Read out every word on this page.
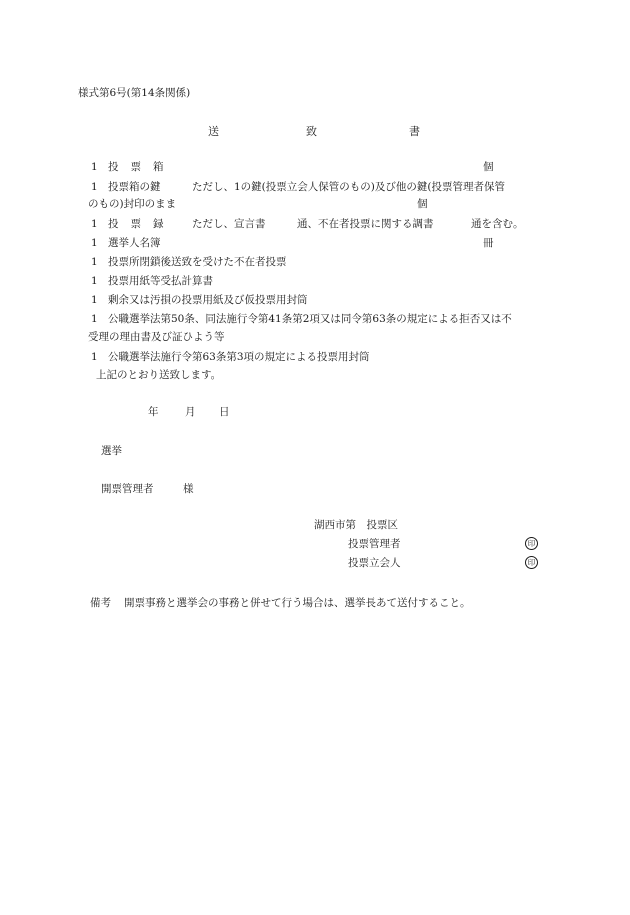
様式第6号(第14条関係)
送	致	書
1 投票箱	個
1 投票箱の鍵	ただし、1の鍵(投票立会人保管のもの)及び他の鍵(投票管理者保管
のもの)封印のまま	個
1 投票録 ただし、宣言書	通、不在者投票に関する調書	通を含む。
1 選挙人名簿	冊
1 投票所閉鎖後送致を受けた不在者投票
1 投票用紙等受払計算書
1 剰余又は汚損の投票用紙及び仮投票用封筒
1 公職選挙法第50条、同法施行令第41条第2項又は同令第63条の規定による拒否又は不
受理の理由書及び証ひよう等
1 公職選挙法施行令第63条第3項の規定による投票用封筒
上記のとおり送致します。
年	月 日
選挙
開票管理者	様
湖西市第　投票区
投票管理者	印
投票立会人	印
備考 開票事務と選挙会の事務と併せて行う場合は、選挙長あて送付すること。
